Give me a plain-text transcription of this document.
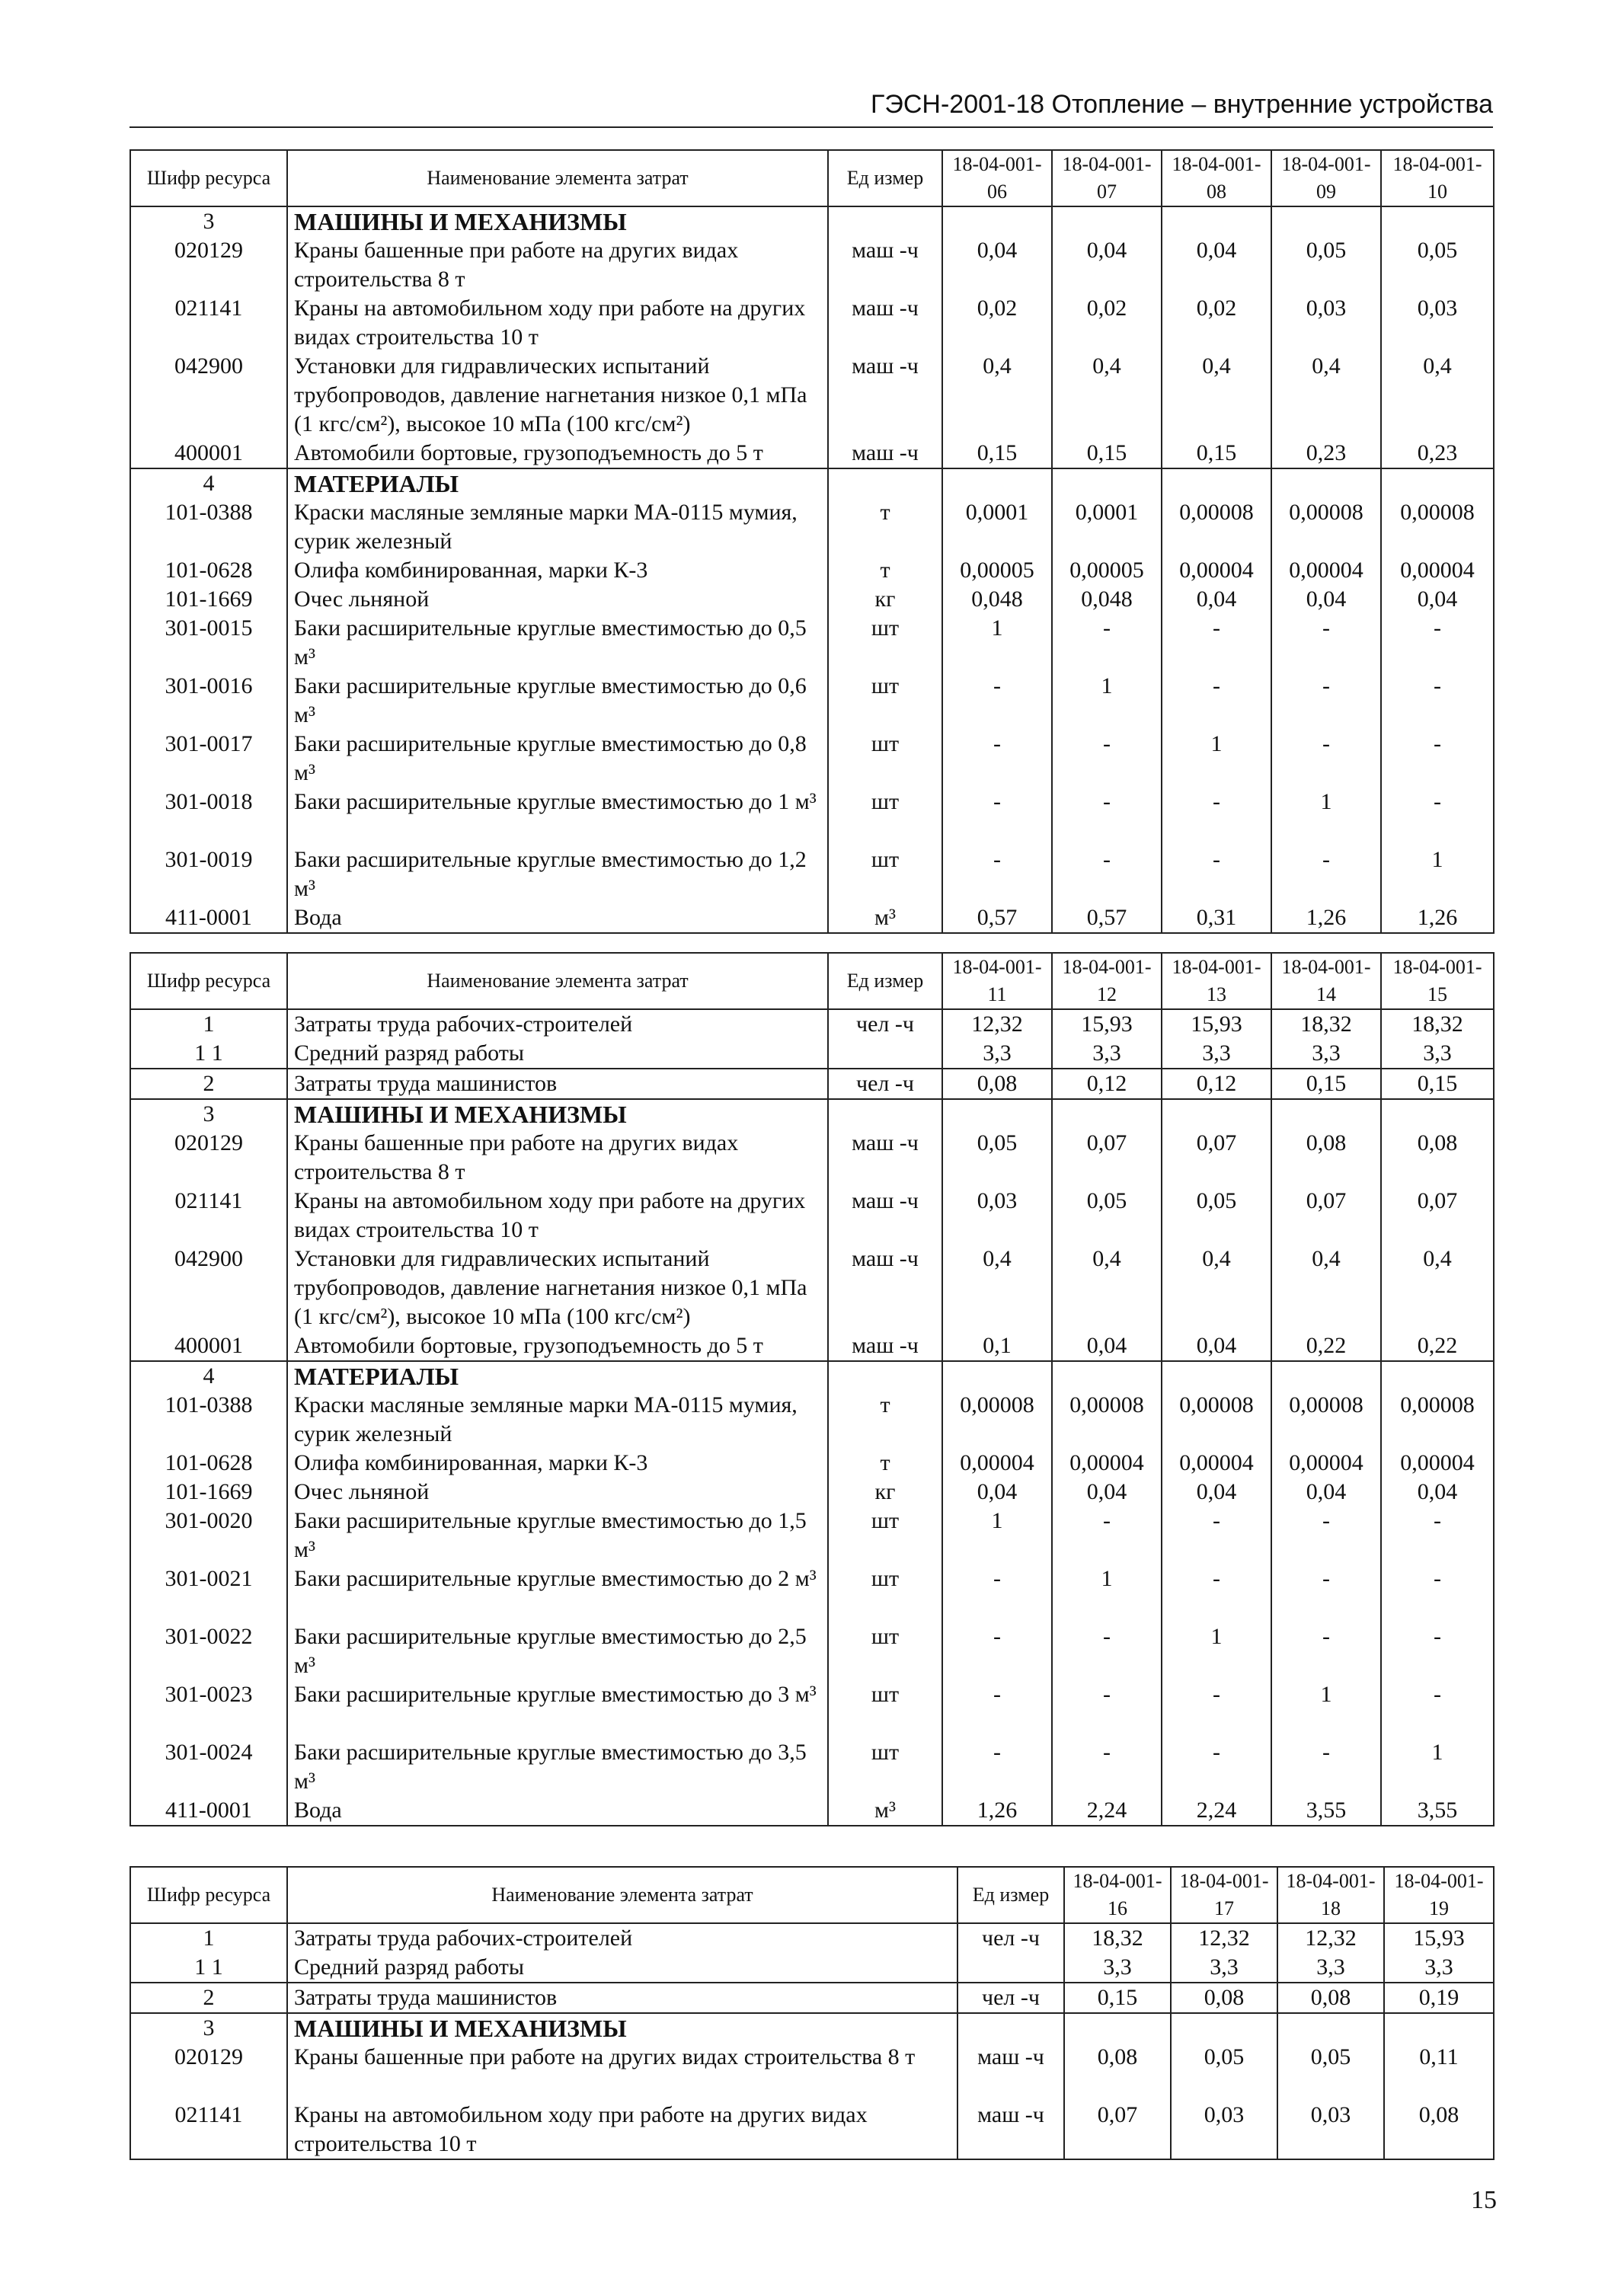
ГЭСН-2001-18 Отопление – внутренние устройства
Шифр ресурса	Наименование элемента затрат	Ед измер	18-04-001-06	18-04-001-07	18-04-001-08	18-04-001-09	18-04-001-10
3	МАШИНЫ И МЕХАНИЗМЫ						
020129	Краны башенные при работе на других видах строительства 8 т	маш -ч	0,04	0,04	0,04	0,05	0,05
021141	Краны на автомобильном ходу при работе на других видах строительства 10 т	маш -ч	0,02	0,02	0,02	0,03	0,03
042900	Установки для гидравлических испытаний трубопроводов, давление нагнетания низкое 0,1 мПа (1 кгс/см²), высокое 10 мПа (100 кгс/см²)	маш -ч	0,4	0,4	0,4	0,4	0,4
400001	Автомобили бортовые, грузоподъемность до 5 т	маш -ч	0,15	0,15	0,15	0,23	0,23
4	МАТЕРИАЛЫ						
101-0388	Краски масляные земляные марки МА-0115 мумия, сурик железный	т	0,0001	0,0001	0,00008	0,00008	0,00008
101-0628	Олифа комбинированная, марки К-3	т	0,00005	0,00005	0,00004	0,00004	0,00004
101-1669	Очес льняной	кг	0,048	0,048	0,04	0,04	0,04
301-0015	Баки расширительные круглые вместимостью до 0,5 м³	шт	1	-	-	-	-
301-0016	Баки расширительные круглые вместимостью до 0,6 м³	шт	-	1	-	-	-
301-0017	Баки расширительные круглые вместимостью до 0,8 м³	шт	-	-	1	-	-
301-0018	Баки расширительные круглые вместимостью до 1 м³	шт	-	-	-	1	-
301-0019	Баки расширительные круглые вместимостью до 1,2 м³	шт	-	-	-	-	1
411-0001	Вода	м³	0,57	0,57	0,31	1,26	1,26
Шифр ресурса	Наименование элемента затрат	Ед измер	18-04-001-11	18-04-001-12	18-04-001-13	18-04-001-14	18-04-001-15
1	Затраты труда рабочих-строителей	чел -ч	12,32	15,93	15,93	18,32	18,32
1 1	Средний разряд работы		3,3	3,3	3,3	3,3	3,3
2	Затраты труда машинистов	чел -ч	0,08	0,12	0,12	0,15	0,15
3	МАШИНЫ И МЕХАНИЗМЫ						
020129	Краны башенные при работе на других видах строительства 8 т	маш -ч	0,05	0,07	0,07	0,08	0,08
021141	Краны на автомобильном ходу при работе на других видах строительства 10 т	маш -ч	0,03	0,05	0,05	0,07	0,07
042900	Установки для гидравлических испытаний трубопроводов, давление нагнетания низкое 0,1 мПа (1 кгс/см²), высокое 10 мПа (100 кгс/см²)	маш -ч	0,4	0,4	0,4	0,4	0,4
400001	Автомобили бортовые, грузоподъемность до 5 т	маш -ч	0,1	0,04	0,04	0,22	0,22
4	МАТЕРИАЛЫ						
101-0388	Краски масляные земляные марки МА-0115 мумия, сурик железный	т	0,00008	0,00008	0,00008	0,00008	0,00008
101-0628	Олифа комбинированная, марки К-3	т	0,00004	0,00004	0,00004	0,00004	0,00004
101-1669	Очес льняной	кг	0,04	0,04	0,04	0,04	0,04
301-0020	Баки расширительные круглые вместимостью до 1,5 м³	шт	1	-	-	-	-
301-0021	Баки расширительные круглые вместимостью до 2 м³	шт	-	1	-	-	-
301-0022	Баки расширительные круглые вместимостью до 2,5 м³	шт	-	-	1	-	-
301-0023	Баки расширительные круглые вместимостью до 3 м³	шт	-	-	-	1	-
301-0024	Баки расширительные круглые вместимостью до 3,5 м³	шт	-	-	-	-	1
411-0001	Вода	м³	1,26	2,24	2,24	3,55	3,55
Шифр ресурса	Наименование элемента затрат	Ед измер	18-04-001-16	18-04-001-17	18-04-001-18	18-04-001-19
1	Затраты труда рабочих-строителей	чел -ч	18,32	12,32	12,32	15,93
1 1	Средний разряд работы		3,3	3,3	3,3	3,3
2	Затраты труда машинистов	чел -ч	0,15	0,08	0,08	0,19
3	МАШИНЫ И МЕХАНИЗМЫ					
020129	Краны башенные при работе на других видах строительства 8 т	маш -ч	0,08	0,05	0,05	0,11
021141	Краны на автомобильном ходу при работе на других видах строительства 10 т	маш -ч	0,07	0,03	0,03	0,08
15
